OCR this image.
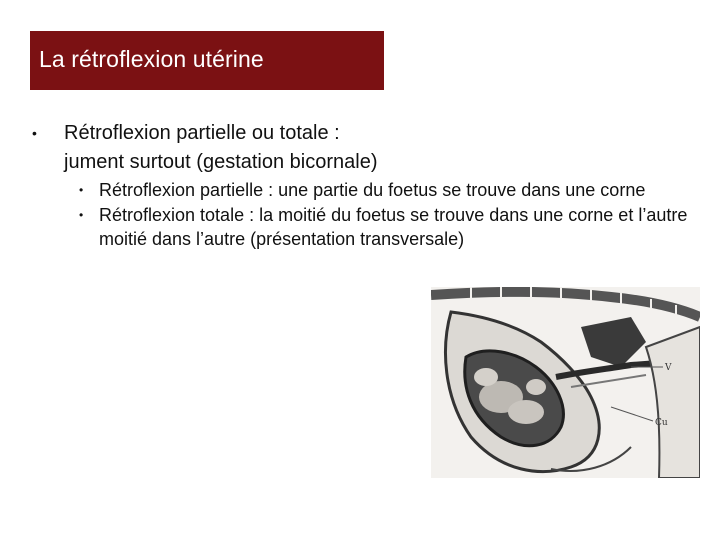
La rétroflexion utérine
• Rétroflexion partielle ou totale :
jument surtout (gestation bicornale)
• Rétroflexion partielle : une partie du foetus se trouve dans une corne
• Rétroflexion totale : la moitié du foetus se trouve dans une corne et l’autre moitié dans l’autre (présentation transversale)
V
Cu
